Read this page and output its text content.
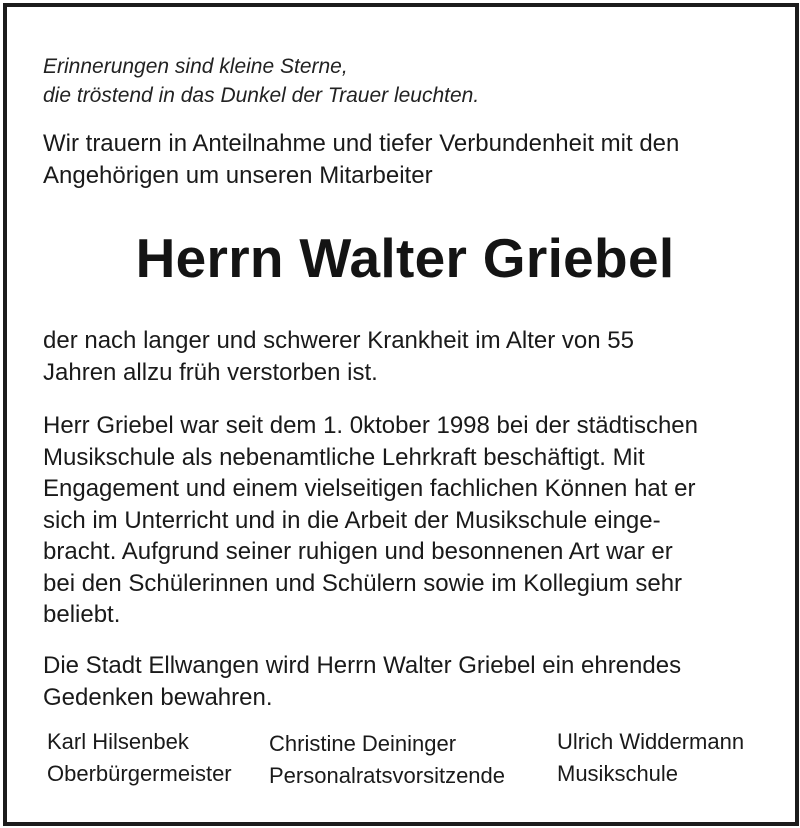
Erinnerungen sind kleine Sterne,
die tröstend in das Dunkel der Trauer leuchten.
Wir trauern in Anteilnahme und tiefer Verbundenheit mit den
Angehörigen um unseren Mitarbeiter
Herrn Walter Griebel
der nach langer und schwerer Krankheit im Alter von 55
Jahren allzu früh verstorben ist.
Herr Griebel war seit dem 1. 0ktober 1998 bei der städtischen
Musikschule als nebenamtliche Lehrkraft beschäftigt. Mit
Engagement und einem vielseitigen fachlichen Können hat er
sich im Unterricht und in die Arbeit der Musikschule einge-
bracht. Aufgrund seiner ruhigen und besonnenen Art war er
bei den Schülerinnen und Schülern sowie im Kollegium sehr
beliebt.
Die Stadt Ellwangen wird Herrn Walter Griebel ein ehrendes
Gedenken bewahren.
Karl Hilsenbek
Oberbürgermeister
Christine Deininger
Personalratsvorsitzende
Ulrich Widdermann
Musikschule
